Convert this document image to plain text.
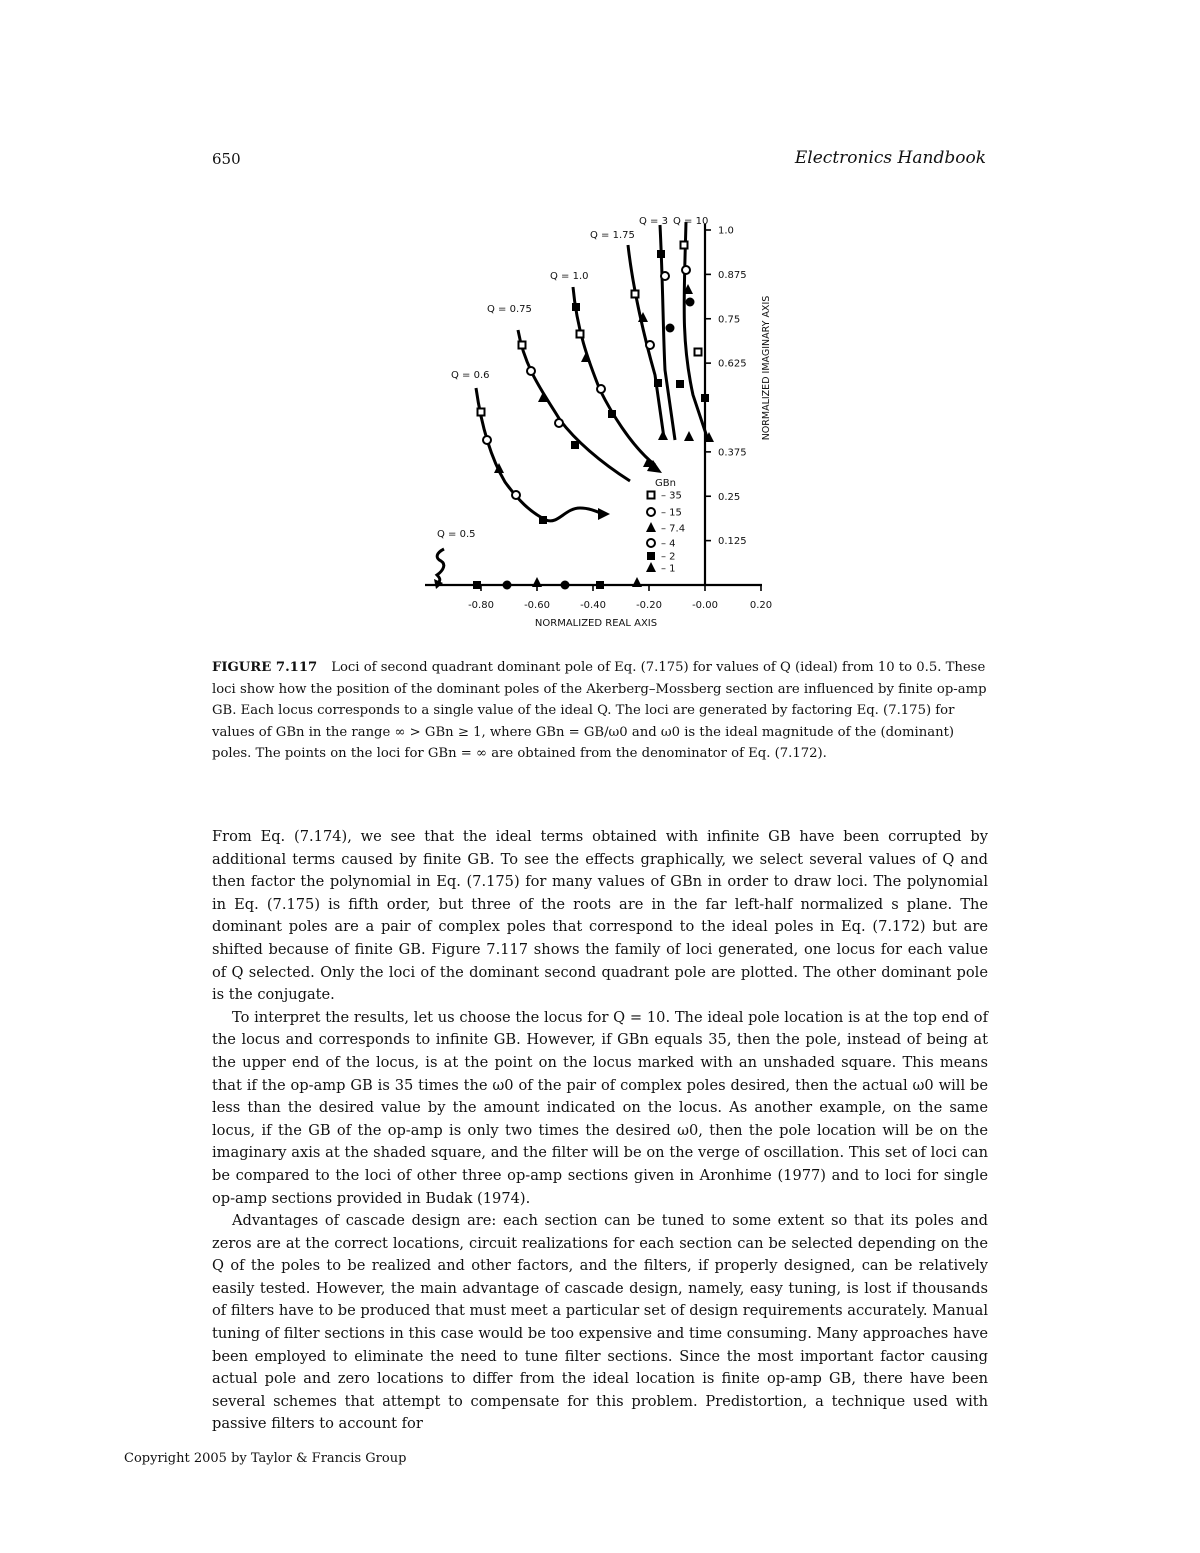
650	Electronics Handbook
-0.80	-0.60	-0.40	-0.20	-0.00	0.20
1.0
0.875
0.75
0.625
0.375
0.25
0.125
NORMALIZED REAL AXIS
NORMALIZED IMAGINARY AXIS
Q = 10
Q = 3
Q = 1.75
Q = 1.0
Q = 0.75
Q = 0.6
Q = 0.5
GBn
– 35
– 15
– 7.4
– 4
– 2
– 1
FIGURE 7.117 Loci of second quadrant dominant pole of Eq. (7.175) for values of Q (ideal) from 10 to 0.5. These loci show how the position of the dominant poles of the Akerberg–Mossberg section are influenced by finite op-amp GB. Each locus corresponds to a single value of the ideal Q. The loci are generated by factoring Eq. (7.175) for values of GBn in the range ∞ > GBn ≥ 1, where GBn = GB/ω0 and ω0 is the ideal magnitude of the (dominant) poles. The points on the loci for GBn = ∞ are obtained from the denominator of Eq. (7.172).

From Eq. (7.174), we see that the ideal terms obtained with infinite GB have been corrupted by additional terms caused by finite GB. To see the effects graphically, we select several values of Q and then factor the polynomial in Eq. (7.175) for many values of GBn in order to draw loci. The polynomial in Eq. (7.175) is fifth order, but three of the roots are in the far left-half normalized s plane. The dominant poles are a pair of complex poles that correspond to the ideal poles in Eq. (7.172) but are shifted because of finite GB. Figure 7.117 shows the family of loci generated, one locus for each value of Q selected. Only the loci of the dominant second quadrant pole are plotted. The other dominant pole is the conjugate.

To interpret the results, let us choose the locus for Q = 10. The ideal pole location is at the top end of the locus and corresponds to infinite GB. However, if GBn equals 35, then the pole, instead of being at the upper end of the locus, is at the point on the locus marked with an unshaded square. This means that if the op-amp GB is 35 times the ω0 of the pair of complex poles desired, then the actual ω0 will be less than the desired value by the amount indicated on the locus. As another example, on the same locus, if the GB of the op-amp is only two times the desired ω0, then the pole location will be on the imaginary axis at the shaded square, and the filter will be on the verge of oscillation. This set of loci can be compared to the loci of other three op-amp sections given in Aronhime (1977) and to loci for single op-amp sections provided in Budak (1974).

Advantages of cascade design are: each section can be tuned to some extent so that its poles and zeros are at the correct locations, circuit realizations for each section can be selected depending on the Q of the poles to be realized and other factors, and the filters, if properly designed, can be relatively easily tested. However, the main advantage of cascade design, namely, easy tuning, is lost if thousands of filters have to be produced that must meet a particular set of design requirements accurately. Manual tuning of filter sections in this case would be too expensive and time consuming. Many approaches have been employed to eliminate the need to tune filter sections. Since the most important factor causing actual pole and zero locations to differ from the ideal location is finite op-amp GB, there have been several schemes that attempt to compensate for this problem. Predistortion, a technique used with passive filters to account for

Copyright 2005 by Taylor & Francis Group
